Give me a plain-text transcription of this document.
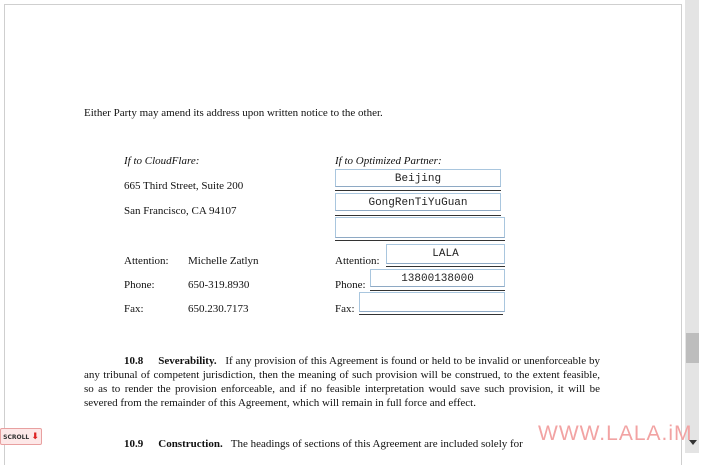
Either Party may amend its address upon written notice to the other.
If to CloudFlare:
665 Third Street, Suite 200
San Francisco, CA 94107
Attention: Michelle Zatlyn
Phone:	650-319.8930
Fax:	650.230.7173
If to Optimized Partner:
Beijing
GongRenTiYuGuan
Attention:
LALA
Phone:	13800138000
Fax:
10.8 Severability. If any provision of this Agreement is found or held to be invalid or unenforceable by any tribunal of competent jurisdiction, then the meaning of such provision will be construed, to the extent feasible, so as to render the provision enforceable, and if no feasible interpretation would save such provision, it will be severed from the remainder of this Agreement, which will remain in full force and effect.
10.9 Construction. The headings of sections of this Agreement are included solely for
SCROLL ⬇	WWW.LALA.iM
